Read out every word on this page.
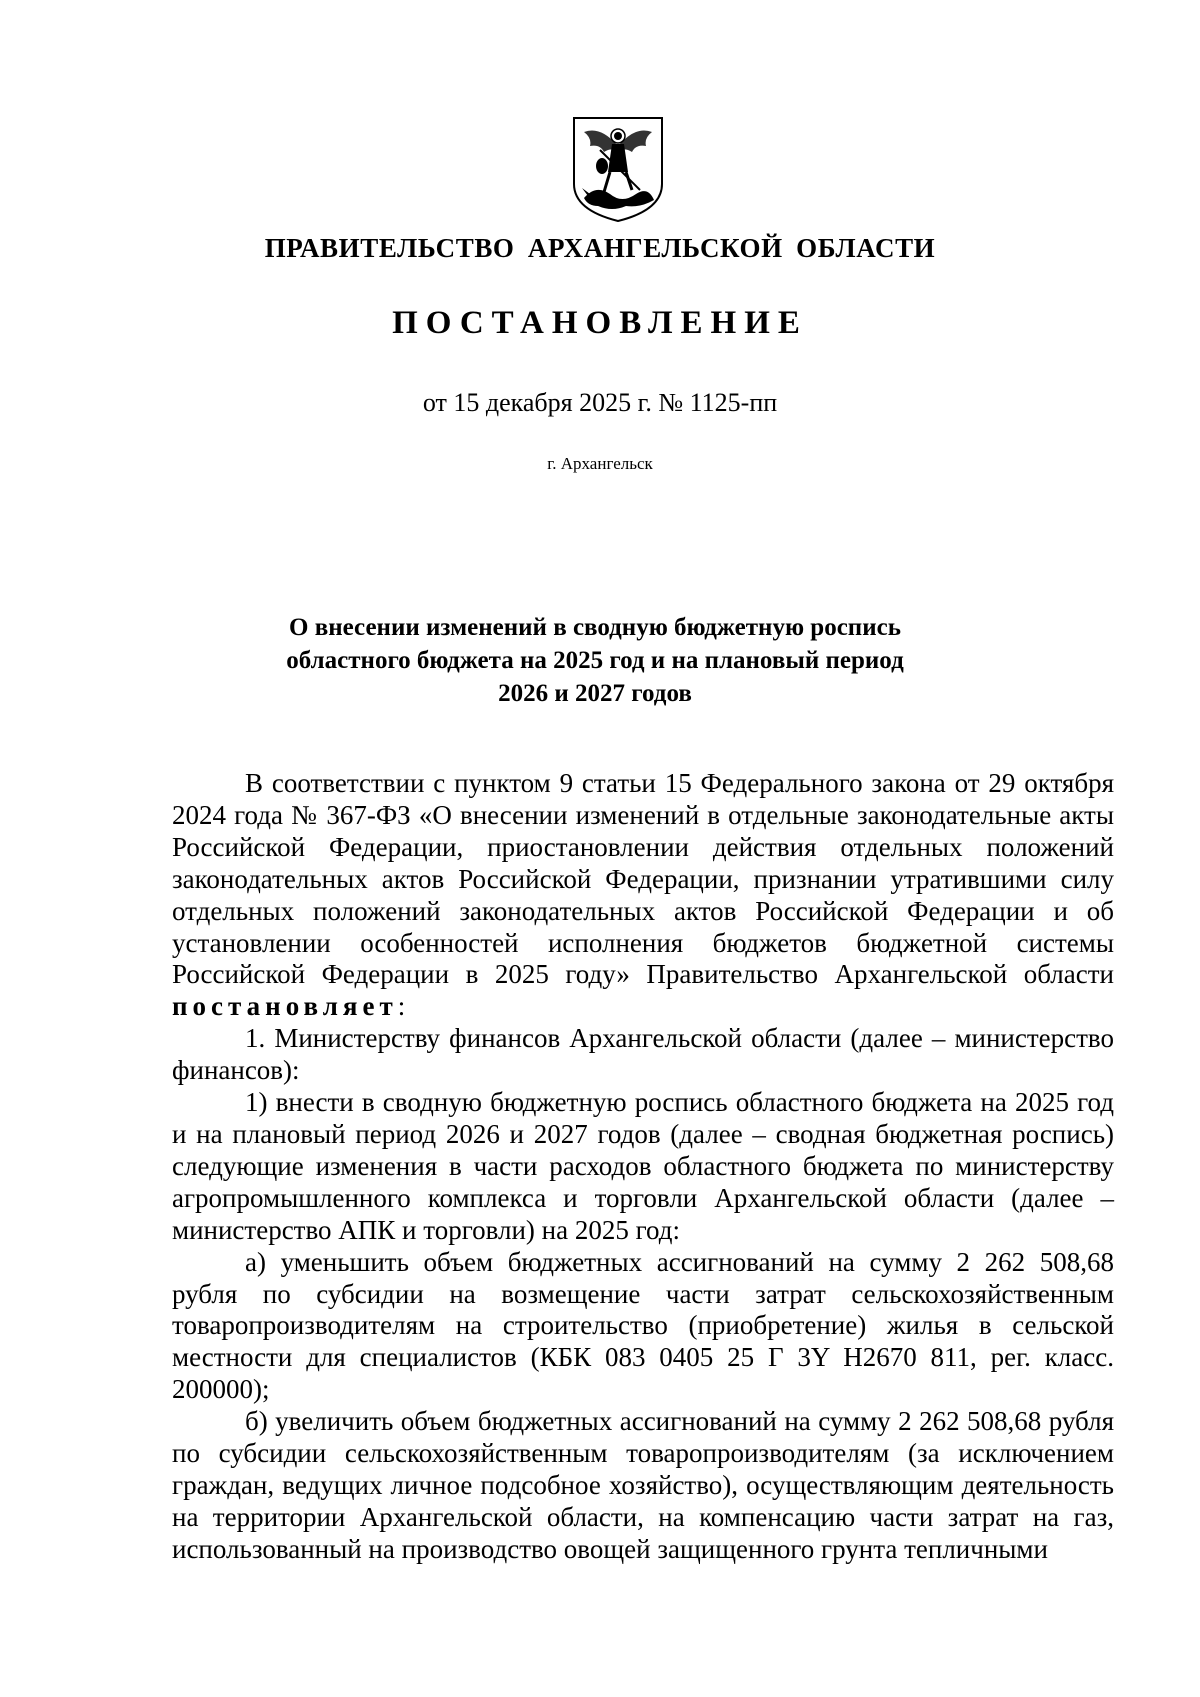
ПРАВИТЕЛЬСТВО АРХАНГЕЛЬСКОЙ ОБЛАСТИ
ПОСТАНОВЛЕНИЕ
от 15 декабря 2025 г. № 1125-пп
г. Архангельск
О внесении изменений в сводную бюджетную роспись
областного бюджета на 2025 год и на плановый период
2026 и 2027 годов

В соответствии с пунктом 9 статьи 15 Федерального закона от 29 октября 2024 года № 367-ФЗ «О внесении изменений в отдельные законодательные акты Российской Федерации, приостановлении действия отдельных положений законодательных актов Российской Федерации, признании утратившими силу отдельных положений законодательных актов Российской Федерации и об установлении особенностей исполнения бюджетов бюджетной системы Российской Федерации в 2025 году» Правительство Архангельской области постановляет:

1. Министерству финансов Архангельской области (далее – министерство финансов):

1) внести в сводную бюджетную роспись областного бюджета на 2025 год и на плановый период 2026 и 2027 годов (далее – сводная бюджетная роспись) следующие изменения в части расходов областного бюджета по министерству агропромышленного комплекса и торговли Архангельской области (далее – министерство АПК и торговли) на 2025 год:

а) уменьшить объем бюджетных ассигнований на сумму 2 262 508,68 рубля по субсидии на возмещение части затрат сельскохозяйственным товаропроизводителям на строительство (приобретение) жилья в сельской местности для специалистов (КБК 083 0405 25 Г 3Y H2670 811, рег. класс. 200000);

б) увеличить объем бюджетных ассигнований на сумму 2 262 508,68 рубля по субсидии сельскохозяйственным товаропроизводителям (за исключением граждан, ведущих личное подсобное хозяйство), осуществляющим деятельность на территории Архангельской области, на компенсацию части затрат на газ, использованный на производство овощей защищенного грунта тепличными
